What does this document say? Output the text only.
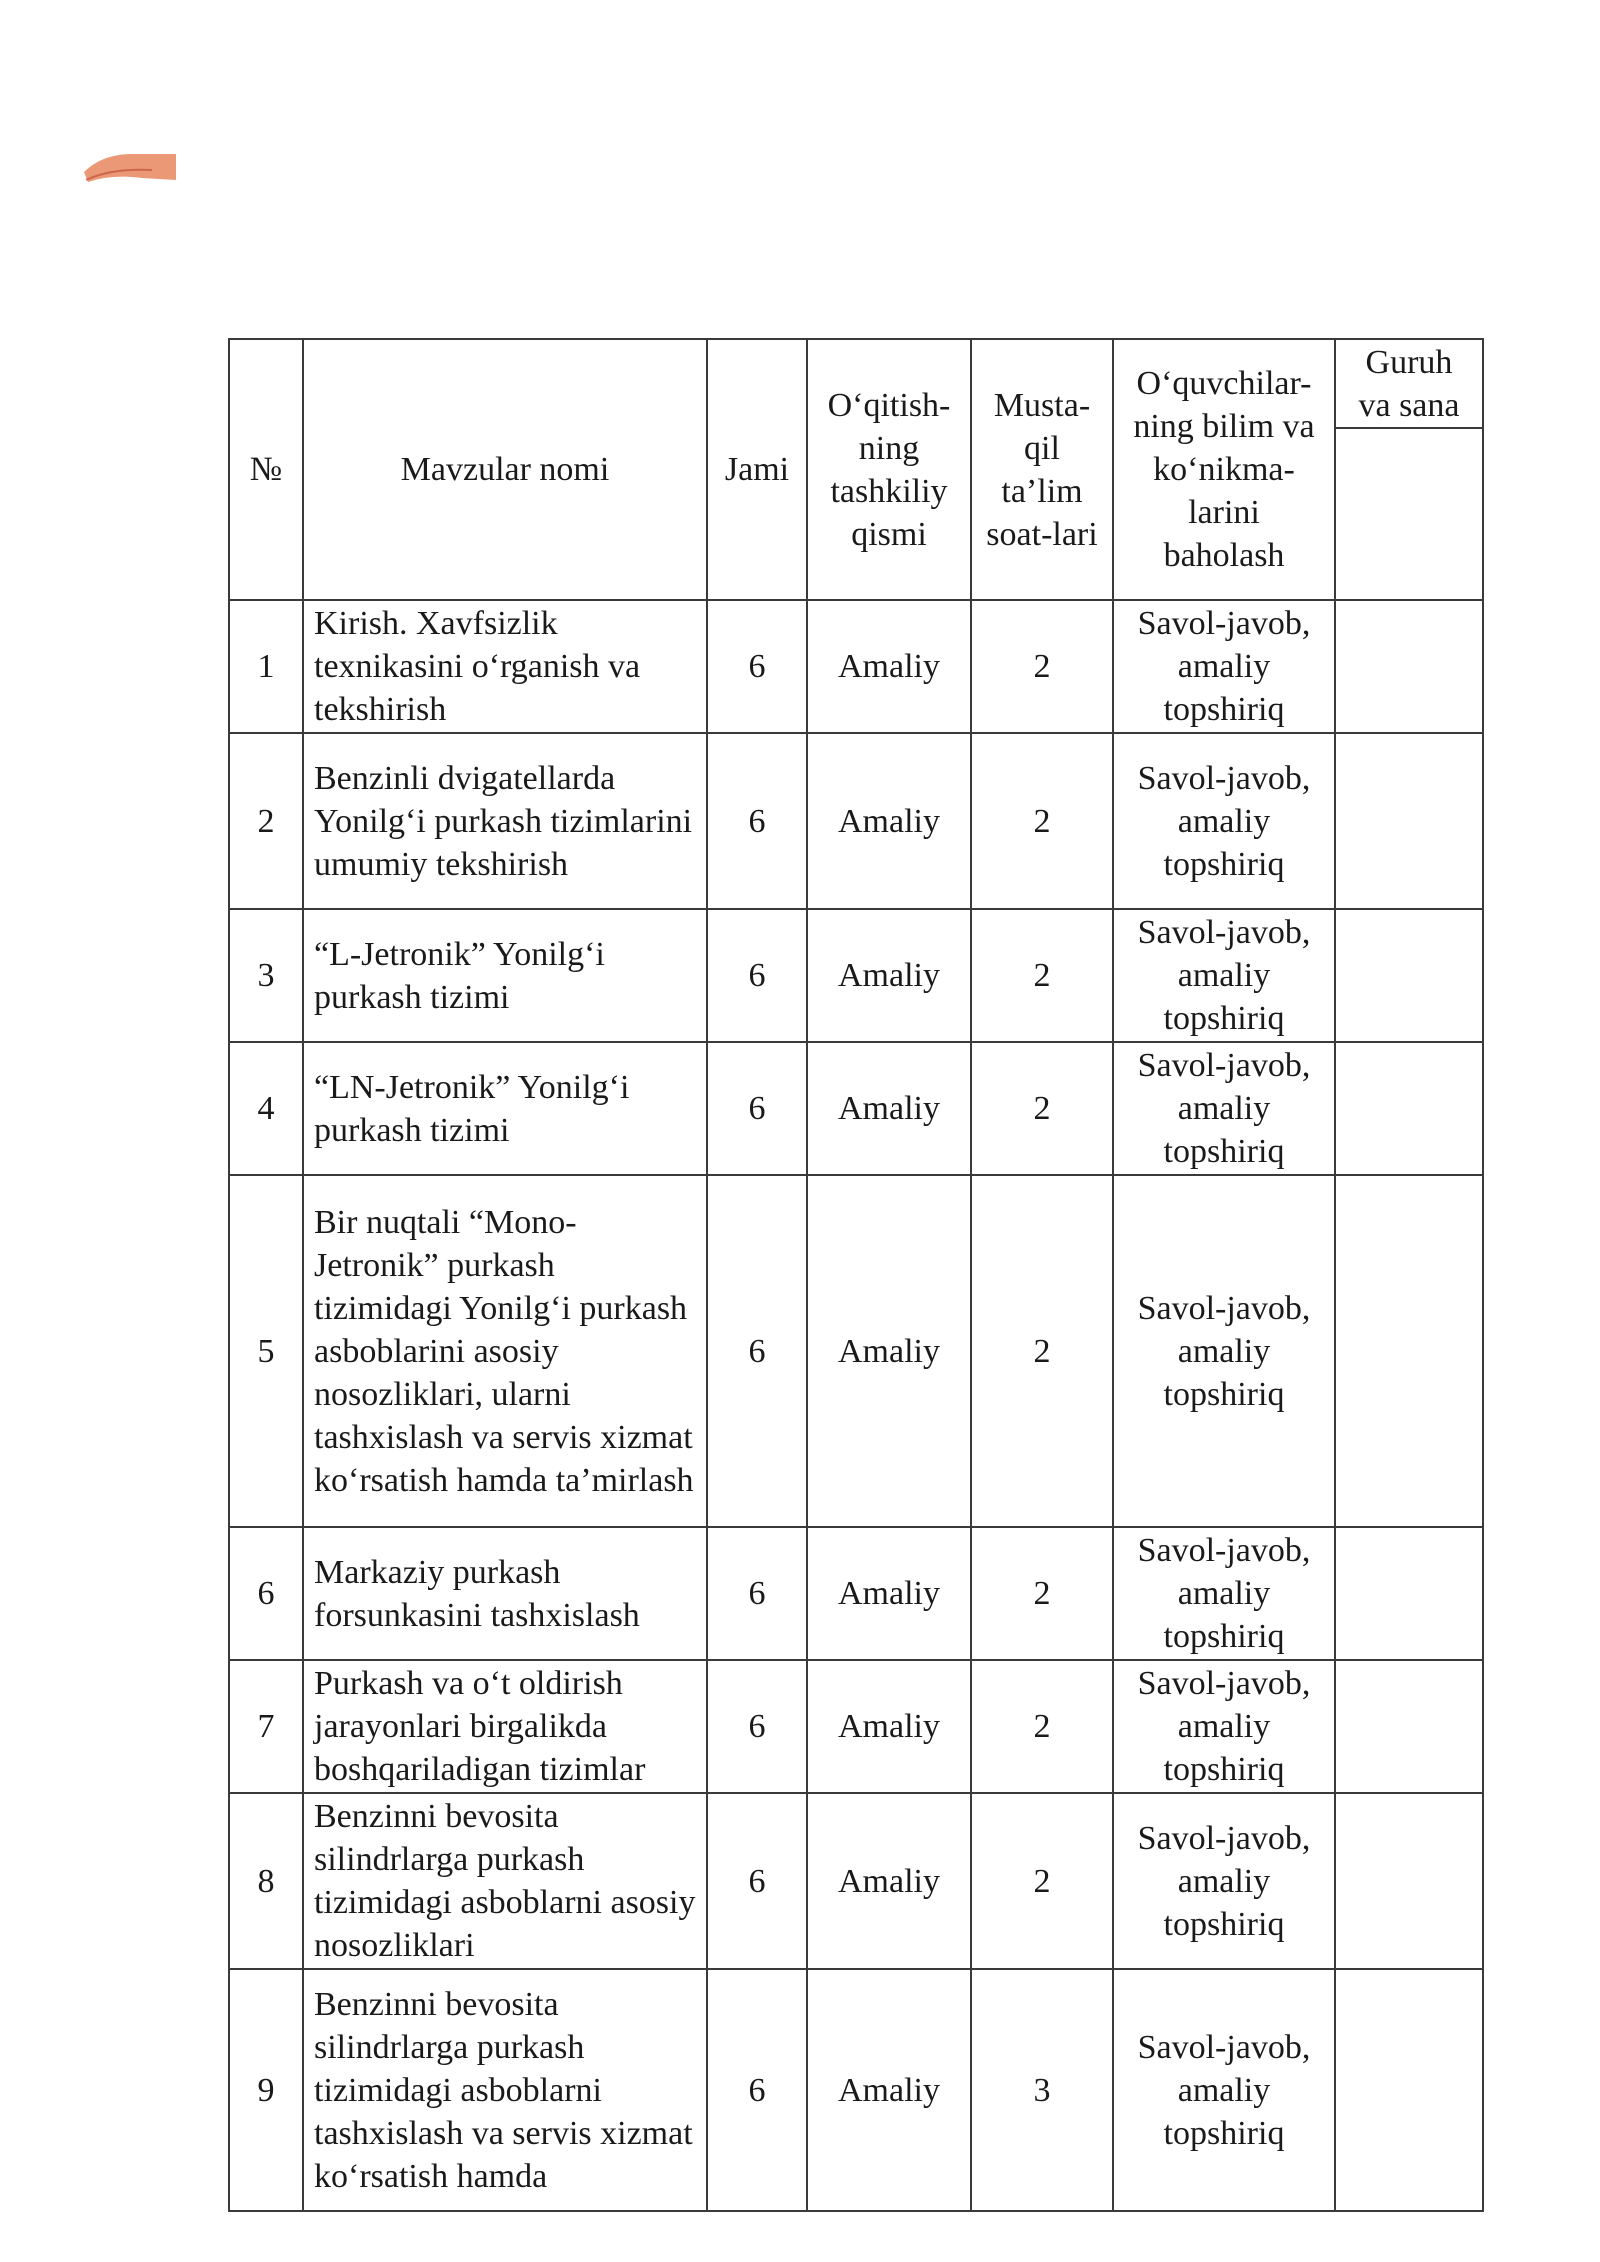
№	Mavzular nomi	Jami	O‘qitish-ning tashkiliy qismi	Musta-qil ta’lim soat-lari	O‘quvchilar-ning bilim va ko‘nikma-larini baholash	Guruh va sana

1	Kirish. Xavfsizlik texnikasini o‘rganish va tekshirish	6	Amaliy	2	Savol-javob, amaliy topshiriq	
2	Benzinli dvigatellarda Yonilg‘i purkash tizimlarini umumiy tekshirish	6	Amaliy	2	Savol-javob, amaliy topshiriq	
3	“L-Jetronik” Yonilg‘i purkash tizimi	6	Amaliy	2	Savol-javob, amaliy topshiriq	
4	“LN-Jetronik” Yonilg‘i purkash tizimi	6	Amaliy	2	Savol-javob, amaliy topshiriq	
5	Bir nuqtali “Mono-Jetronik” purkash tizimidagi Yonilg‘i purkash asboblarini asosiy nosozliklari, ularni tashxislash va servis xizmat ko‘rsatish hamda ta’mirlash	6	Amaliy	2	Savol-javob, amaliy topshiriq	
6	Markaziy purkash forsunkasini tashxislash	6	Amaliy	2	Savol-javob, amaliy topshiriq	
7	Purkash va o‘t oldirish jarayonlari birgalikda boshqariladigan tizimlar	6	Amaliy	2	Savol-javob, amaliy topshiriq	
8	Benzinni bevosita silindrlarga purkash tizimidagi asboblarni asosiy nosozliklari	6	Amaliy	2	Savol-javob, amaliy topshiriq	
9	Benzinni bevosita silindrlarga purkash tizimidagi asboblarni tashxislash va servis xizmat ko‘rsatish hamda	6	Amaliy	3	Savol-javob, amaliy topshiriq	
